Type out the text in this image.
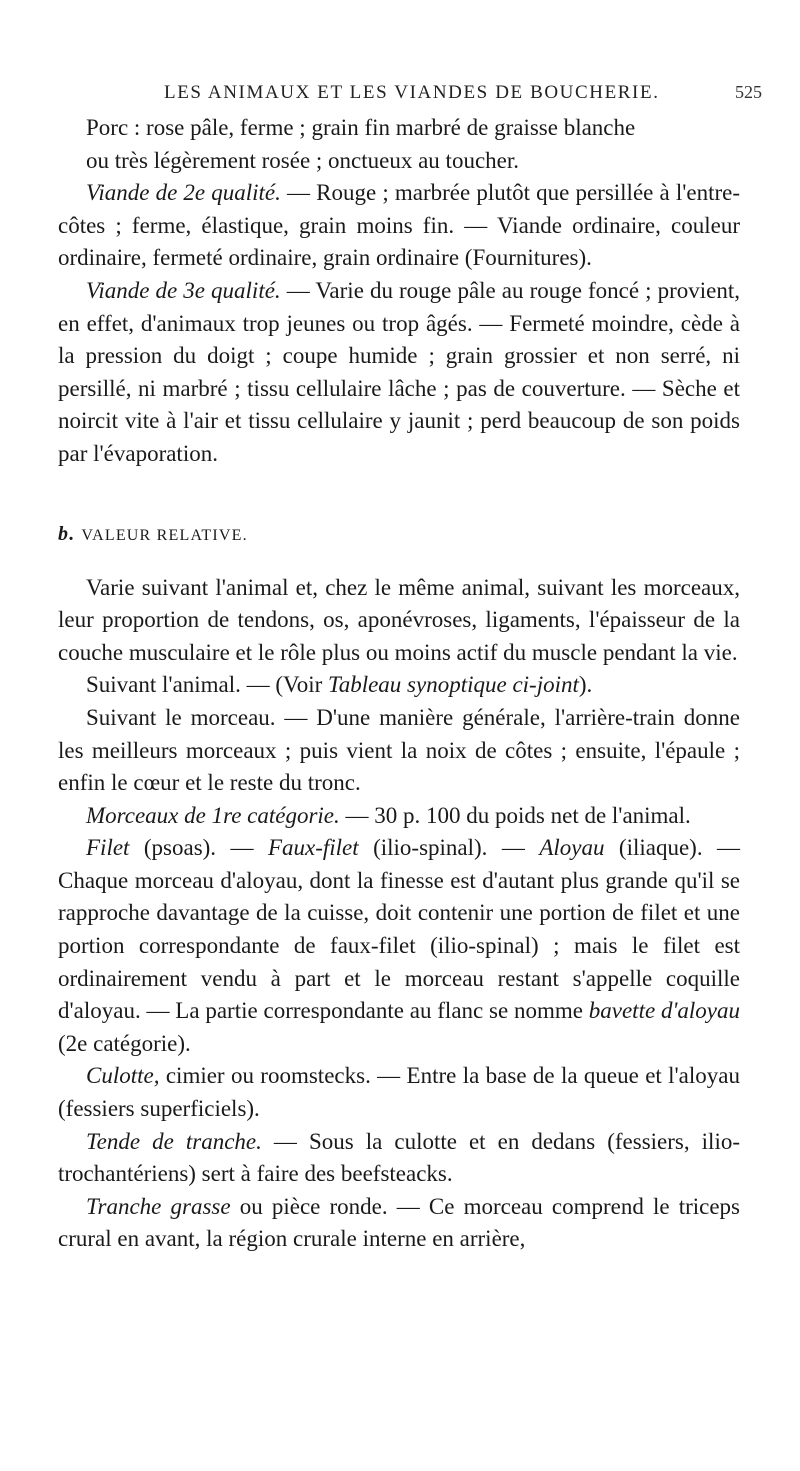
LES ANIMAUX ET LES VIANDES DE BOUCHERIE.	525

Porc : rose pâle, ferme ; grain fin marbré de graisse blanche
ou très légèrement rosée ; onctueux au toucher.

Viande de 2e qualité. — Rouge ; marbrée plutôt que persillée à l'entre-côtes ; ferme, élastique, grain moins fin. — Viande ordinaire, couleur ordinaire, fermeté ordinaire, grain ordinaire (Fournitures).

Viande de 3e qualité. — Varie du rouge pâle au rouge foncé ; provient, en effet, d'animaux trop jeunes ou trop âgés. — Fermeté moindre, cède à la pression du doigt ; coupe humide ; grain grossier et non serré, ni persillé, ni marbré ; tissu cellulaire lâche ; pas de couverture. — Sèche et noircit vite à l'air et tissu cellulaire y jaunit ; perd beaucoup de son poids par l'évaporation.

b. VALEUR RELATIVE.

Varie suivant l'animal et, chez le même animal, suivant les morceaux, leur proportion de tendons, os, aponévroses, ligaments, l'épaisseur de la couche musculaire et le rôle plus ou moins actif du muscle pendant la vie.

Suivant l'animal. — (Voir Tableau synoptique ci-joint).

Suivant le morceau. — D'une manière générale, l'arrière-train donne les meilleurs morceaux ; puis vient la noix de côtes ; ensuite, l'épaule ; enfin le cœur et le reste du tronc.

Morceaux de 1re catégorie. — 30 p. 100 du poids net de l'animal.

Filet (psoas). — Faux-filet (ilio-spinal). — Aloyau (iliaque). — Chaque morceau d'aloyau, dont la finesse est d'autant plus grande qu'il se rapproche davantage de la cuisse, doit contenir une portion de filet et une portion correspondante de faux-filet (ilio-spinal) ; mais le filet est ordinairement vendu à part et le morceau restant s'appelle coquille d'aloyau. — La partie correspondante au flanc se nomme bavette d'aloyau (2e catégorie).

Culotte, cimier ou roomstecks. — Entre la base de la queue et l'aloyau (fessiers superficiels).

Tende de tranche. — Sous la culotte et en dedans (fessiers, ilio-trochantériens) sert à faire des beefsteacks.

Tranche grasse ou pièce ronde. — Ce morceau comprend le triceps crural en avant, la région crurale interne en arrière,
